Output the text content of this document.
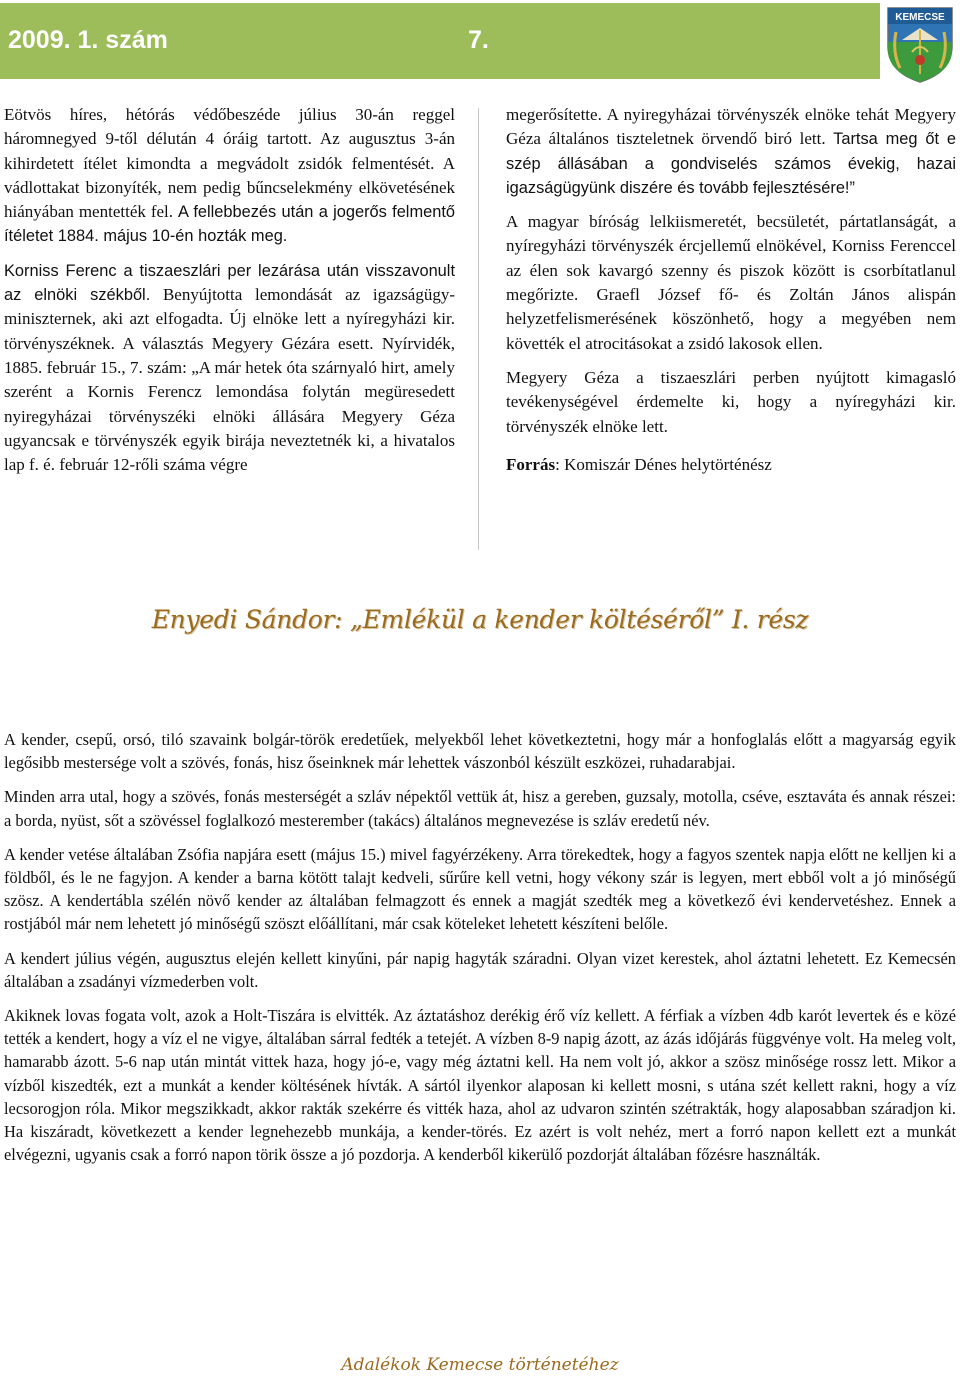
2009. 1. szám	7.
KEMECSE

Eötvös híres, hétórás védőbeszéde július 30-án reggel háromnegyed 9-től délután 4 óráig tartott. Az augusztus 3-án kihirdetett ítélet kimondta a megvádolt zsidók felmentését. A vádlottakat bizonyíték, nem pedig bűncselekmény elkövetésének hiányában mentették fel. A fellebbezés után a jogerős felmentő ítéletet 1884. május 10-én hozták meg.

Korniss Ferenc a tiszaeszlári per lezárása után visszavonult az elnöki székből. Benyújtotta lemondását az igazságügy-miniszternek, aki azt elfogadta. Új elnöke lett a nyíregyházi kir. törvényszéknek. A választás Megyery Gézára esett. Nyírvidék, 1885. február 15., 7. szám: „A már hetek óta szárnyaló hirt, amely szerént a Kornis Ferencz lemondása folytán megüresedett nyiregyházai törvényszéki elnöki állására Megyery Géza ugyancsak e törvényszék egyik birája neveztetnék ki, a hivatalos lap f. é. február 12-rőli száma végre

megerősítette. A nyiregyházai törvényszék elnöke tehát Megyery Géza általános tiszteletnek örvendő biró lett. Tartsa meg őt e szép állásában a gondviselés számos évekig, hazai igazságügyünk diszére és tovább fejlesztésére!”

A magyar bíróság lelkiismeretét, becsületét, pártatlanságát, a nyíregyházi törvényszék ércjellemű elnökével, Korniss Ferenccel az élen sok kavargó szenny és piszok között is csorbítatlanul megőrizte. Graefl József fő- és Zoltán János alispán helyzetfelismerésének köszönhető, hogy a megyében nem követték el atrocitásokat a zsidó lakosok ellen.

Megyery Géza a tiszaeszlári perben nyújtott kimagasló tevékenységével érdemelte ki, hogy a nyíregyházi kir. törvényszék elnöke lett.

Forrás: Komiszár Dénes helytörténész

Enyedi Sándor: „Emlékül a kender költéséről” I. rész

A kender, csepű, orsó, tiló szavaink bolgár-török eredetűek, melyekből lehet következtetni, hogy már a honfoglalás előtt a magyarság egyik legősibb mestersége volt a szövés, fonás, hisz őseinknek már lehettek vászonból készült eszközei, ruhadarabjai.

Minden arra utal, hogy a szövés, fonás mesterségét a szláv népektől vettük át, hisz a gereben, guzsaly, motolla, cséve, esztaváta és annak részei: a borda, nyüst, sőt a szövéssel foglalkozó mesterember (takács) általános megnevezése is szláv eredetű név.

A kender vetése általában Zsófia napjára esett (május 15.) mivel fagyérzékeny. Arra törekedtek, hogy a fagyos szentek napja előtt ne kelljen ki a földből, és le ne fagyjon. A kender a barna kötött talajt kedveli, sűrűre kell vetni, hogy vékony szár is legyen, mert ebből volt a jó minőségű szösz. A kendertábla szélén növő kender az általában felmagzott és ennek a magját szedték meg a következő évi kendervetéshez. Ennek a rostjából már nem lehetett jó minőségű szöszt előállítani, már csak köteleket lehetett készíteni belőle.

A kendert július végén, augusztus elején kellett kinyűni, pár napig hagyták száradni. Olyan vizet kerestek, ahol áztatni lehetett. Ez Kemecsén általában a zsadányi vízmederben volt.

Akiknek lovas fogata volt, azok a Holt-Tiszára is elvitték. Az áztatáshoz derékig érő víz kellett. A férfiak a vízben 4db karót levertek és e közé tették a kendert, hogy a víz el ne vigye, általában sárral fedték a tetejét. A vízben 8-9 napig ázott, az ázás időjárás függvénye volt. Ha meleg volt, hamarabb ázott. 5-6 nap után mintát vittek haza, hogy jó-e, vagy még áztatni kell. Ha nem volt jó, akkor a szösz minősége rossz lett. Mikor a vízből kiszedték, ezt a munkát a kender költésének hívták. A sártól ilyenkor alaposan ki kellett mosni, s utána szét kellett rakni, hogy a víz lecsorogjon róla. Mikor megszikkadt, akkor rakták szekérre és vitték haza, ahol az udvaron szintén szétrakták, hogy alaposabban száradjon ki. Ha kiszáradt, következett a kender legnehezebb munkája, a kender-törés. Ez azért is volt nehéz, mert a forró napon kellett ezt a munkát elvégezni, ugyanis csak a forró napon törik össze a jó pozdorja. A kenderből kikerülő pozdorját általában főzésre használták.

Adalékok Kemecse történetéhez
